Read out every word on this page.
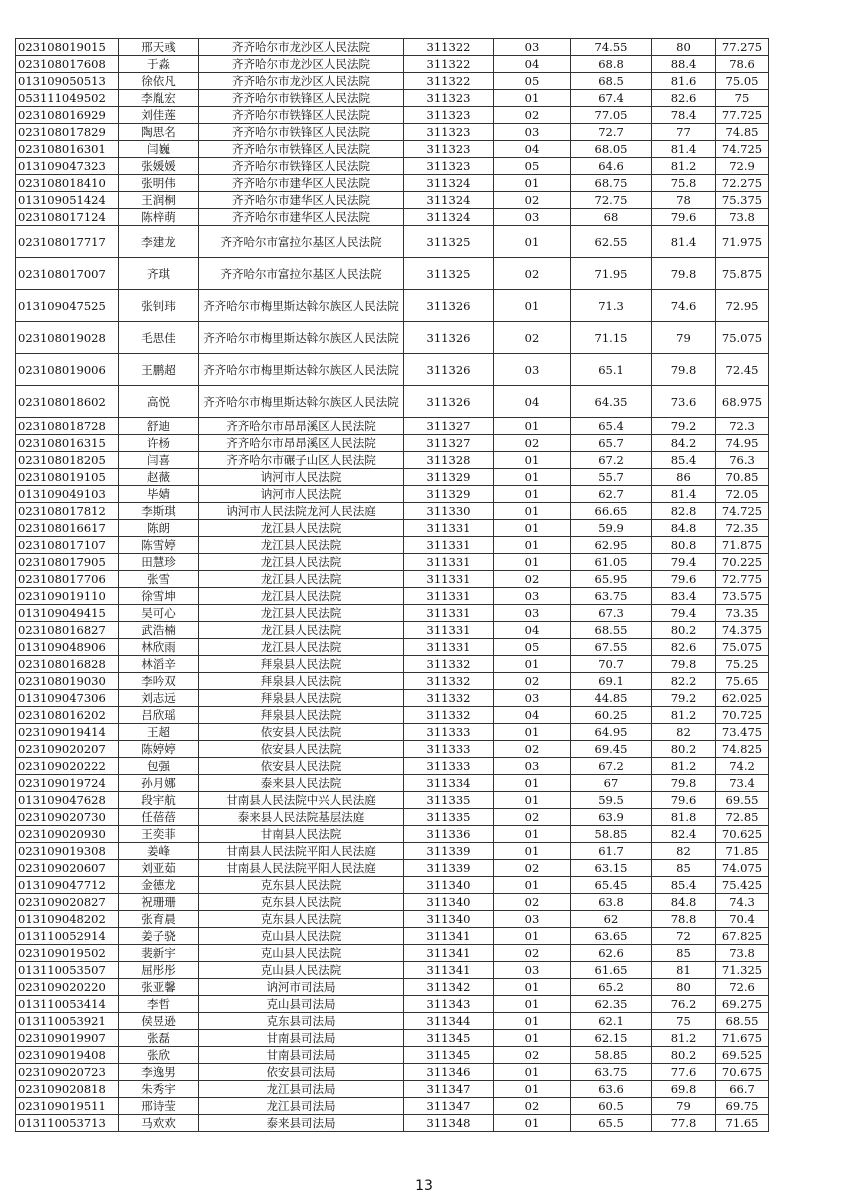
023108019015	邢天彧	齐齐哈尔市龙沙区人民法院	311322	03	74.55	80	77.275
023108017608	于淼	齐齐哈尔市龙沙区人民法院	311322	04	68.8	88.4	78.6
013109050513	徐依凡	齐齐哈尔市龙沙区人民法院	311322	05	68.5	81.6	75.05
053111049502	李胤宏	齐齐哈尔市铁锋区人民法院	311323	01	67.4	82.6	75
023108016929	刘佳莲	齐齐哈尔市铁锋区人民法院	311323	02	77.05	78.4	77.725
023108017829	陶思名	齐齐哈尔市铁锋区人民法院	311323	03	72.7	77	74.85
023108016301	闫巍	齐齐哈尔市铁锋区人民法院	311323	04	68.05	81.4	74.725
013109047323	张媛媛	齐齐哈尔市铁锋区人民法院	311323	05	64.6	81.2	72.9
023108018410	张明伟	齐齐哈尔市建华区人民法院	311324	01	68.75	75.8	72.275
013109051424	王润桐	齐齐哈尔市建华区人民法院	311324	02	72.75	78	75.375
023108017124	陈梓萌	齐齐哈尔市建华区人民法院	311324	03	68	79.6	73.8
023108017717	李建龙	齐齐哈尔市富拉尔基区人民法院	311325	01	62.55	81.4	71.975
023108017007	齐琪	齐齐哈尔市富拉尔基区人民法院	311325	02	71.95	79.8	75.875
013109047525	张钊玮	齐齐哈尔市梅里斯达斡尔族区人民法院	311326	01	71.3	74.6	72.95
023108019028	毛思佳	齐齐哈尔市梅里斯达斡尔族区人民法院	311326	02	71.15	79	75.075
023108019006	王鹏超	齐齐哈尔市梅里斯达斡尔族区人民法院	311326	03	65.1	79.8	72.45
023108018602	高悦	齐齐哈尔市梅里斯达斡尔族区人民法院	311326	04	64.35	73.6	68.975
023108018728	舒迪	齐齐哈尔市昂昂溪区人民法院	311327	01	65.4	79.2	72.3
023108016315	许杨	齐齐哈尔市昂昂溪区人民法院	311327	02	65.7	84.2	74.95
023108018205	闫喜	齐齐哈尔市碾子山区人民法院	311328	01	67.2	85.4	76.3
023108019105	赵薇	讷河市人民法院	311329	01	55.7	86	70.85
013109049103	毕婧	讷河市人民法院	311329	01	62.7	81.4	72.05
023108017812	李斯琪	讷河市人民法院龙河人民法庭	311330	01	66.65	82.8	74.725
023108016617	陈朗	龙江县人民法院	311331	01	59.9	84.8	72.35
023108017107	陈雪婷	龙江县人民法院	311331	01	62.95	80.8	71.875
023108017905	田慧珍	龙江县人民法院	311331	01	61.05	79.4	70.225
023108017706	张雪	龙江县人民法院	311331	02	65.95	79.6	72.775
023109019110	徐雪坤	龙江县人民法院	311331	03	63.75	83.4	73.575
013109049415	吴可心	龙江县人民法院	311331	03	67.3	79.4	73.35
023108016827	武浩楠	龙江县人民法院	311331	04	68.55	80.2	74.375
013109048906	林欣雨	龙江县人民法院	311331	05	67.55	82.6	75.075
023108016828	林滔辛	拜泉县人民法院	311332	01	70.7	79.8	75.25
023108019030	李吟双	拜泉县人民法院	311332	02	69.1	82.2	75.65
013109047306	刘志远	拜泉县人民法院	311332	03	44.85	79.2	62.025
023108016202	吕欣瑶	拜泉县人民法院	311332	04	60.25	81.2	70.725
023109019414	王超	依安县人民法院	311333	01	64.95	82	73.475
023109020207	陈婷婷	依安县人民法院	311333	02	69.45	80.2	74.825
023109020222	包强	依安县人民法院	311333	03	67.2	81.2	74.2
023109019724	孙月娜	泰来县人民法院	311334	01	67	79.8	73.4
013109047628	段宇航	甘南县人民法院中兴人民法庭	311335	01	59.5	79.6	69.55
023109020730	任蓓蓓	泰来县人民法院基层法庭	311335	02	63.9	81.8	72.85
023109020930	王奕菲	甘南县人民法院	311336	01	58.85	82.4	70.625
023109019308	姜峰	甘南县人民法院平阳人民法庭	311339	01	61.7	82	71.85
023109020607	刘亚茹	甘南县人民法院平阳人民法庭	311339	02	63.15	85	74.075
013109047712	金德龙	克东县人民法院	311340	01	65.45	85.4	75.425
023109020827	祝珊珊	克东县人民法院	311340	02	63.8	84.8	74.3
013109048202	张育晨	克东县人民法院	311340	03	62	78.8	70.4
013110052914	姜子骁	克山县人民法院	311341	01	63.65	72	67.825
023109019502	裴新宇	克山县人民法院	311341	02	62.6	85	73.8
013110053507	屈彤彤	克山县人民法院	311341	03	61.65	81	71.325
023109020220	张亚馨	讷河市司法局	311342	01	65.2	80	72.6
013110053414	李哲	克山县司法局	311343	01	62.35	76.2	69.275
013110053921	侯昱逊	克东县司法局	311344	01	62.1	75	68.55
023109019907	张磊	甘南县司法局	311345	01	62.15	81.2	71.675
023109019408	张欣	甘南县司法局	311345	02	58.85	80.2	69.525
023109020723	李逸男	依安县司法局	311346	01	63.75	77.6	70.675
023109020818	朱秀宇	龙江县司法局	311347	01	63.6	69.8	66.7
023109019511	邢诗莹	龙江县司法局	311347	02	60.5	79	69.75
013110053713	马欢欢	泰来县司法局	311348	01	65.5	77.8	71.65
13
